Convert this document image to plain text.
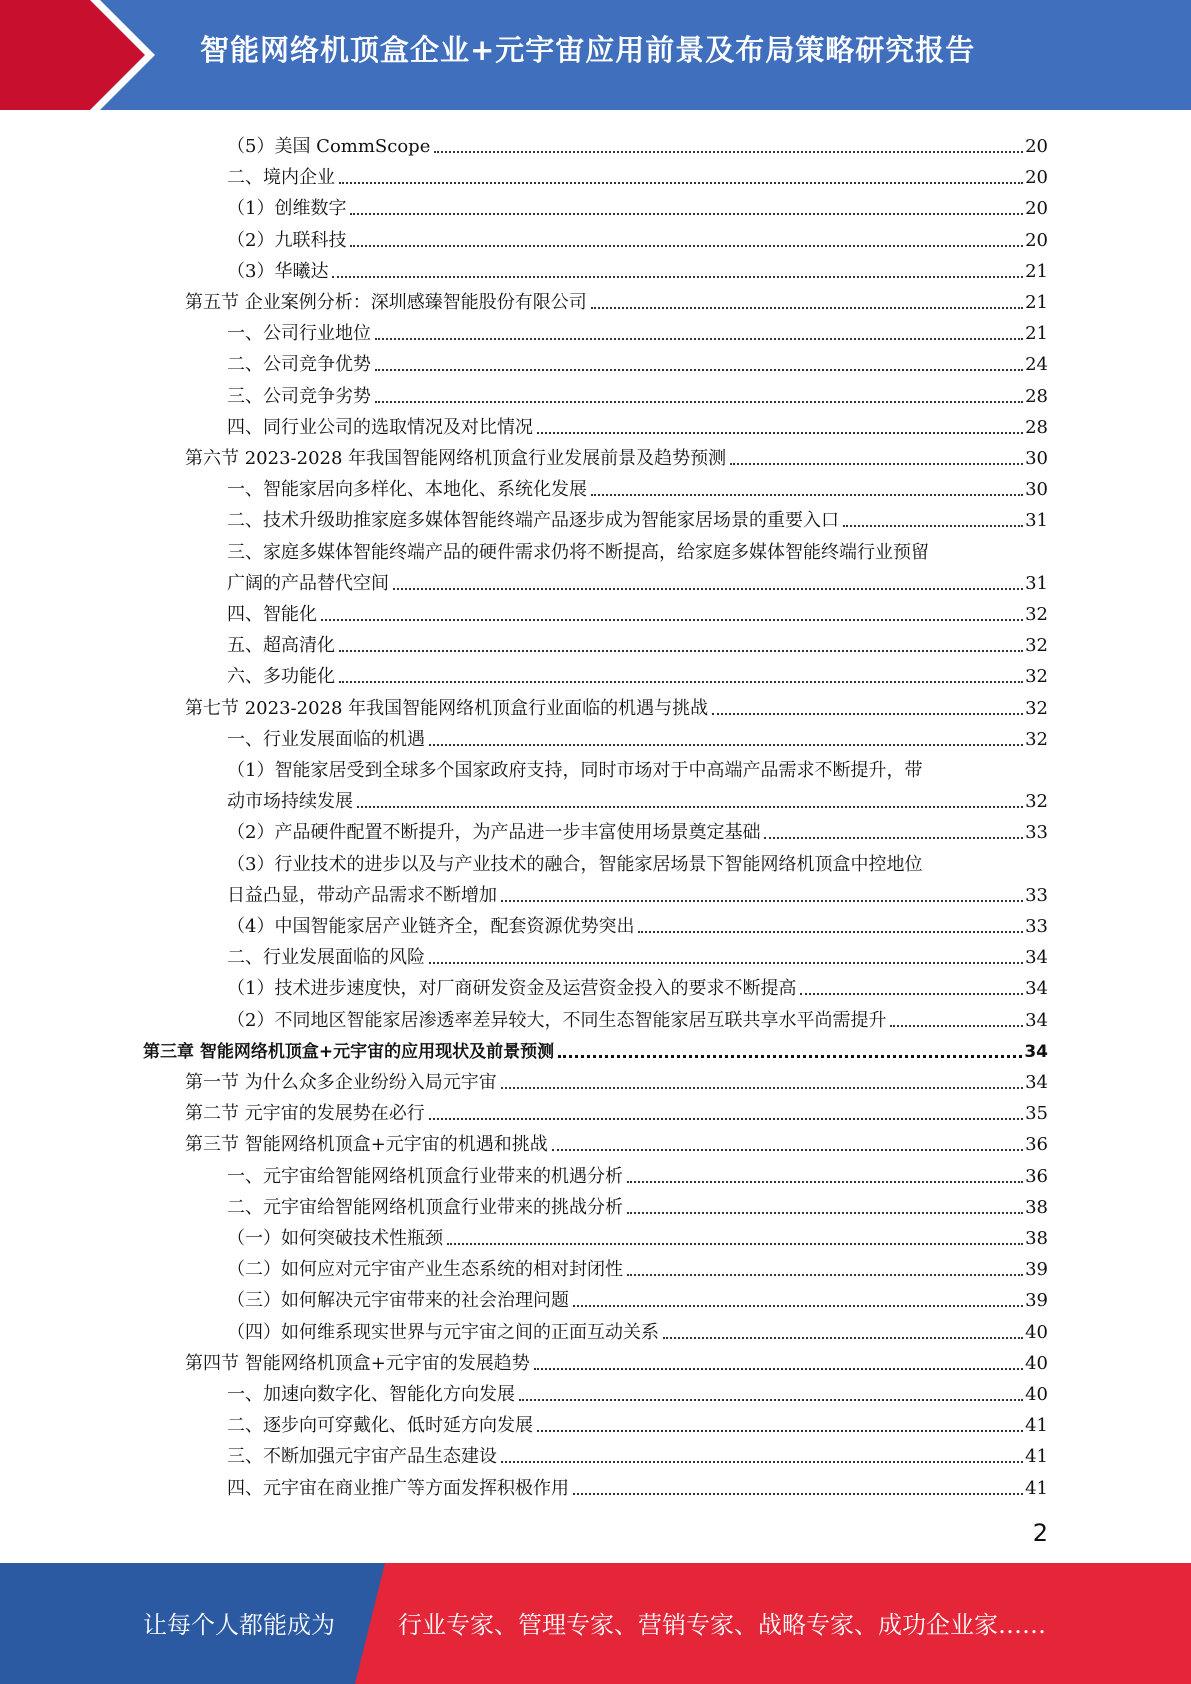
智能网络机顶盒企业+元宇宙应用前景及布局策略研究报告
（5）美国 CommScope	20
二、境内企业	20
（1）创维数字	20
（2）九联科技	20
（3）华曦达	21
第五节 企业案例分析：深圳感臻智能股份有限公司	21
一、公司行业地位	21
二、公司竞争优势	24
三、公司竞争劣势	28
四、同行业公司的选取情况及对比情况	28
第六节 2023-2028 年我国智能网络机顶盒行业发展前景及趋势预测	30
一、智能家居向多样化、本地化、系统化发展	30
二、技术升级助推家庭多媒体智能终端产品逐步成为智能家居场景的重要入口	31
三、家庭多媒体智能终端产品的硬件需求仍将不断提高，给家庭多媒体智能终端行业预留
广阔的产品替代空间	31
四、智能化	32
五、超高清化	32
六、多功能化	32
第七节 2023-2028 年我国智能网络机顶盒行业面临的机遇与挑战	32
一、行业发展面临的机遇	32
（1）智能家居受到全球多个国家政府支持，同时市场对于中高端产品需求不断提升，带
动市场持续发展	32
（2）产品硬件配置不断提升，为产品进一步丰富使用场景奠定基础	33
（3）行业技术的进步以及与产业技术的融合，智能家居场景下智能网络机顶盒中控地位
日益凸显，带动产品需求不断增加	33
（4）中国智能家居产业链齐全，配套资源优势突出	33
二、行业发展面临的风险	34
（1）技术进步速度快，对厂商研发资金及运营资金投入的要求不断提高	34
（2）不同地区智能家居渗透率差异较大，不同生态智能家居互联共享水平尚需提升	34
第三章 智能网络机顶盒+元宇宙的应用现状及前景预测	34
第一节 为什么众多企业纷纷入局元宇宙	34
第二节 元宇宙的发展势在必行	35
第三节 智能网络机顶盒+元宇宙的机遇和挑战	36
一、元宇宙给智能网络机顶盒行业带来的机遇分析	36
二、元宇宙给智能网络机顶盒行业带来的挑战分析	38
（一）如何突破技术性瓶颈	38
（二）如何应对元宇宙产业生态系统的相对封闭性	39
（三）如何解决元宇宙带来的社会治理问题	39
（四）如何维系现实世界与元宇宙之间的正面互动关系	40
第四节 智能网络机顶盒+元宇宙的发展趋势	40
一、加速向数字化、智能化方向发展	40
二、逐步向可穿戴化、低时延方向发展	41
三、不断加强元宇宙产品生态建设	41
四、元宇宙在商业推广等方面发挥积极作用	41
2
让每个人都能成为	行业专家、管理专家、营销专家、战略专家、成功企业家……
